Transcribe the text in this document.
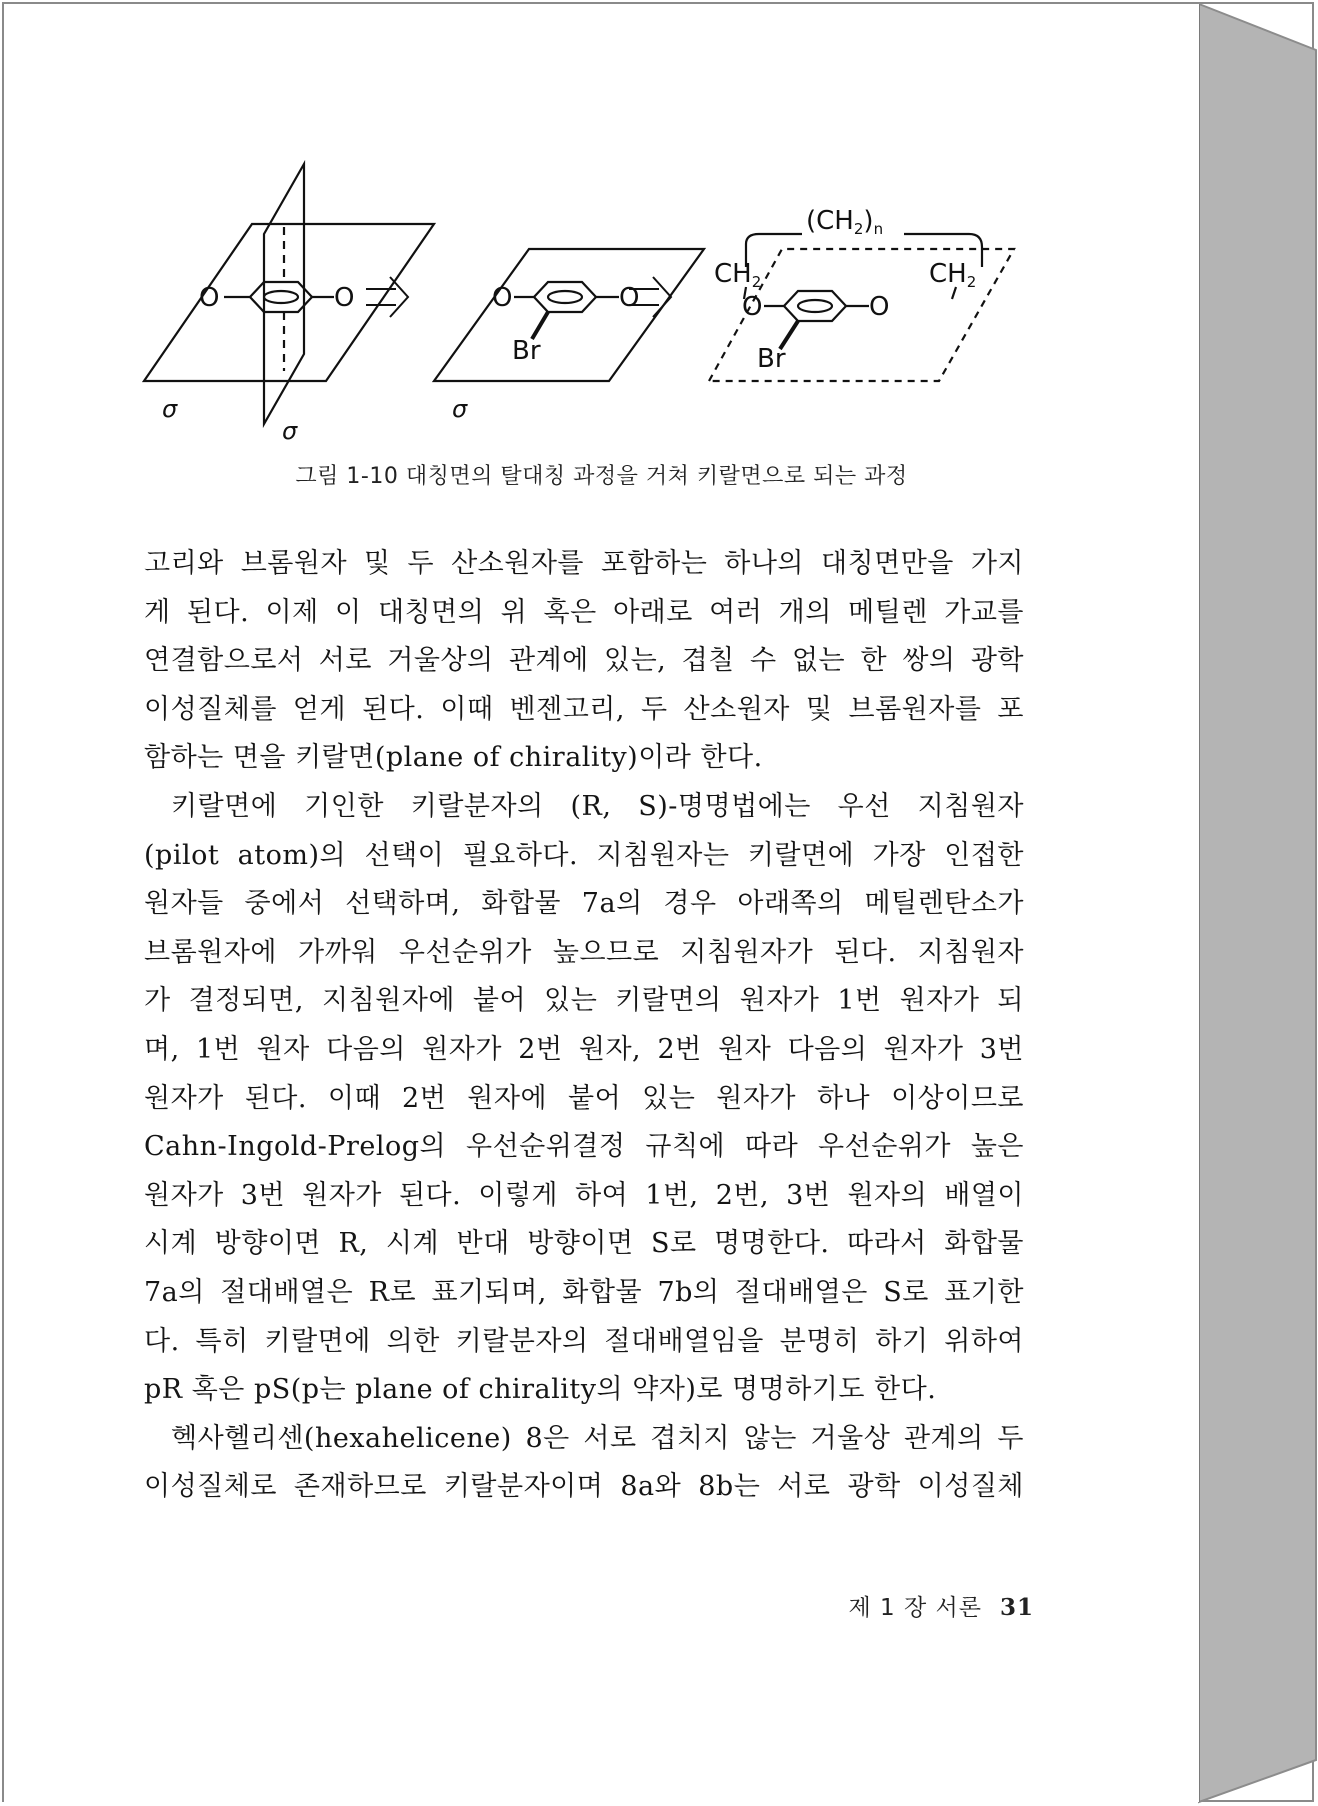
O	O	O	O
Br
O	O
Br
CH2	CH2
(CH2)n
σ
σ
σ
그림 1-10 대칭면의 탈대칭 과정을 거쳐 키랄면으로 되는 과정
고리와 브롬원자 및 두 산소원자를 포함하는 하나의 대칭면만을 가지
게 된다. 이제 이 대칭면의 위 혹은 아래로 여러 개의 메틸렌 가교를
연결함으로서 서로 거울상의 관계에 있는, 겹칠 수 없는 한 쌍의 광학
이성질체를 얻게 된다. 이때 벤젠고리, 두 산소원자 및 브롬원자를 포
함하는 면을 키랄면(plane of chirality)이라 한다.
키랄면에 기인한 키랄분자의 (R, S)-명명법에는 우선 지침원자
(pilot atom)의 선택이 필요하다. 지침원자는 키랄면에 가장 인접한
원자들 중에서 선택하며, 화합물 7a의 경우 아래쪽의 메틸렌탄소가
브롬원자에 가까워 우선순위가 높으므로 지침원자가 된다. 지침원자
가 결정되면, 지침원자에 붙어 있는 키랄면의 원자가 1번 원자가 되
며, 1번 원자 다음의 원자가 2번 원자, 2번 원자 다음의 원자가 3번
원자가 된다. 이때 2번 원자에 붙어 있는 원자가 하나 이상이므로
Cahn-Ingold-Prelog의 우선순위결정 규칙에 따라 우선순위가 높은
원자가 3번 원자가 된다. 이렇게 하여 1번, 2번, 3번 원자의 배열이
시계 방향이면 R, 시계 반대 방향이면 S로 명명한다. 따라서 화합물
7a의 절대배열은 R로 표기되며, 화합물 7b의 절대배열은 S로 표기한
다. 특히 키랄면에 의한 키랄분자의 절대배열임을 분명히 하기 위하여
pR 혹은 pS(p는 plane of chirality의 약자)로 명명하기도 한다.
헥사헬리센(hexahelicene) 8은 서로 겹치지 않는 거울상 관계의 두
이성질체로 존재하므로 키랄분자이며 8a와 8b는 서로 광학 이성질체
제 1 장 서론 31
